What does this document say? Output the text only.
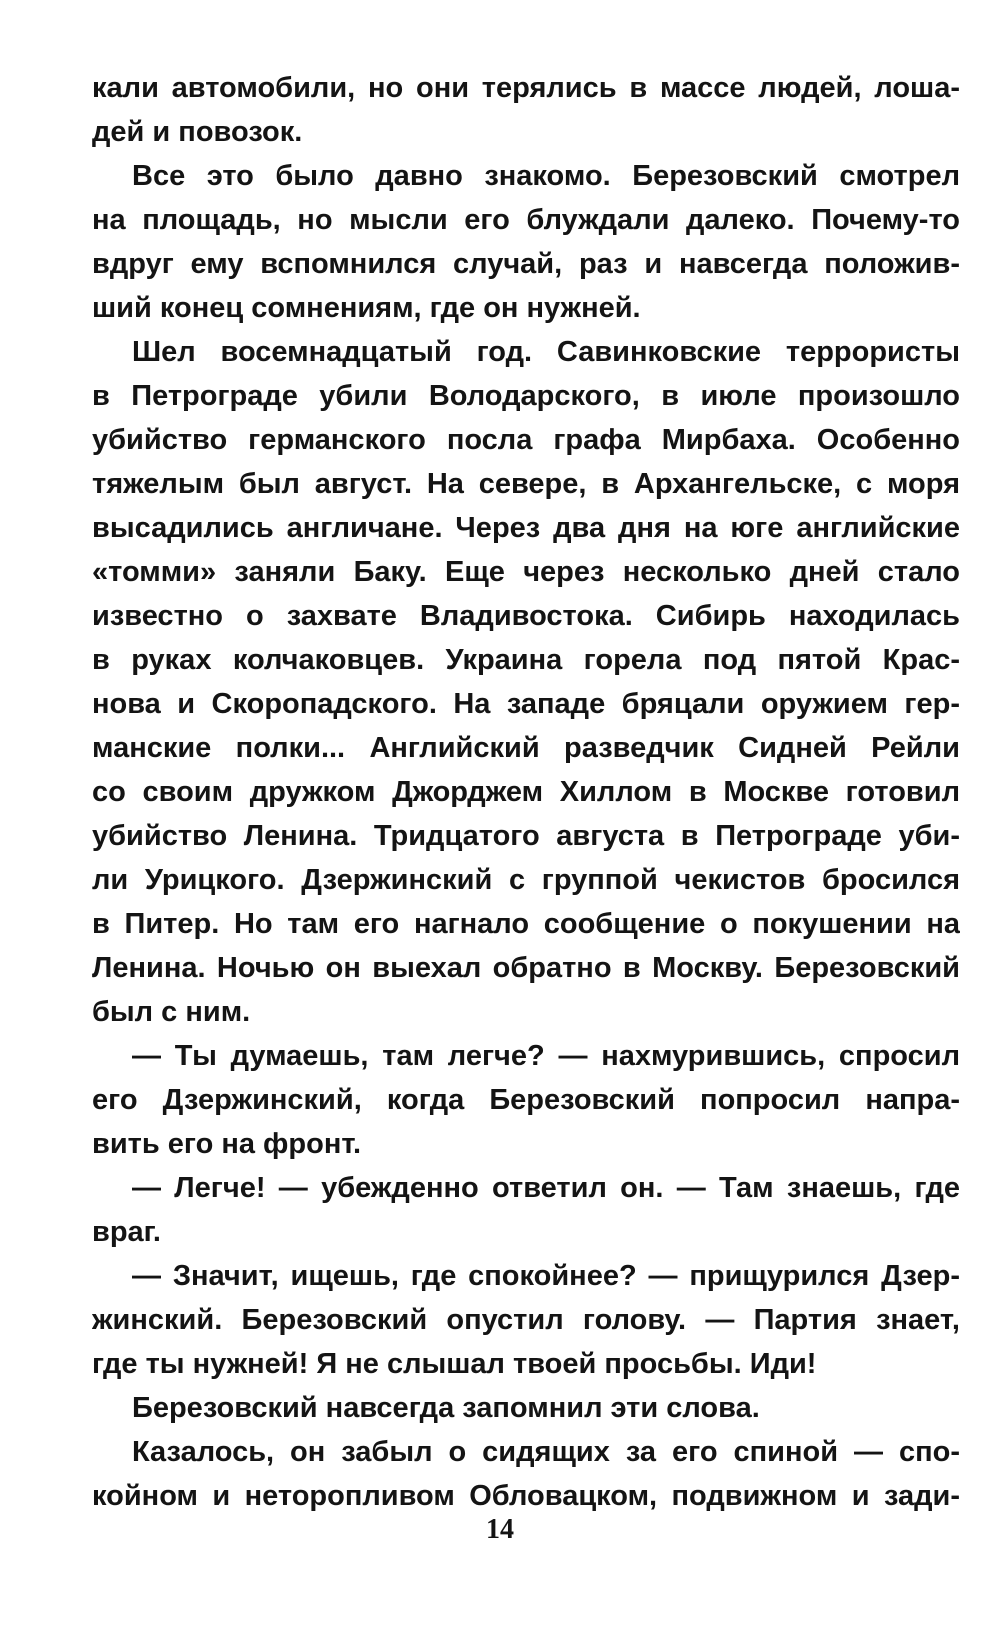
кали автомобили, но они терялись в массе людей, лоша-
дей и повозок.
Все это было давно знакомо. Березовский смотрел
на площадь, но мысли его блуждали далеко. Почему-то
вдруг ему вспомнился случай, раз и навсегда положив-
ший конец сомнениям, где он нужней.
Шел восемнадцатый год. Савинковские террористы
в Петрограде убили Володарского, в июле произошло
убийство германского посла графа Мирбаха. Особенно
тяжелым был август. На севере, в Архангельске, с моря
высадились англичане. Через два дня на юге английские
«томми» заняли Баку. Еще через несколько дней стало
известно о захвате Владивостока. Сибирь находилась
в руках колчаковцев. Украина горела под пятой Крас-
нова и Скоропадского. На западе бряцали оружием гер-
манские полки... Английский разведчик Сидней Рейли
со своим дружком Джорджем Хиллом в Москве готовил
убийство Ленина. Тридцатого августа в Петрограде уби-
ли Урицкого. Дзержинский с группой чекистов бросился
в Питер. Но там его нагнало сообщение о покушении на
Ленина. Ночью он выехал обратно в Москву. Березовский
был с ним.
— Ты думаешь, там легче? — нахмурившись, спросил
его Дзержинский, когда Березовский попросил напра-
вить его на фронт.
— Легче! — убежденно ответил он. — Там знаешь, где
враг.
— Значит, ищешь, где спокойнее? — прищурился Дзер-
жинский. Березовский опустил голову. — Партия знает,
где ты нужней! Я не слышал твоей просьбы. Иди!
Березовский навсегда запомнил эти слова.
Казалось, он забыл о сидящих за его спиной — спо-
койном и неторопливом Обловацком, подвижном и зади-
14
